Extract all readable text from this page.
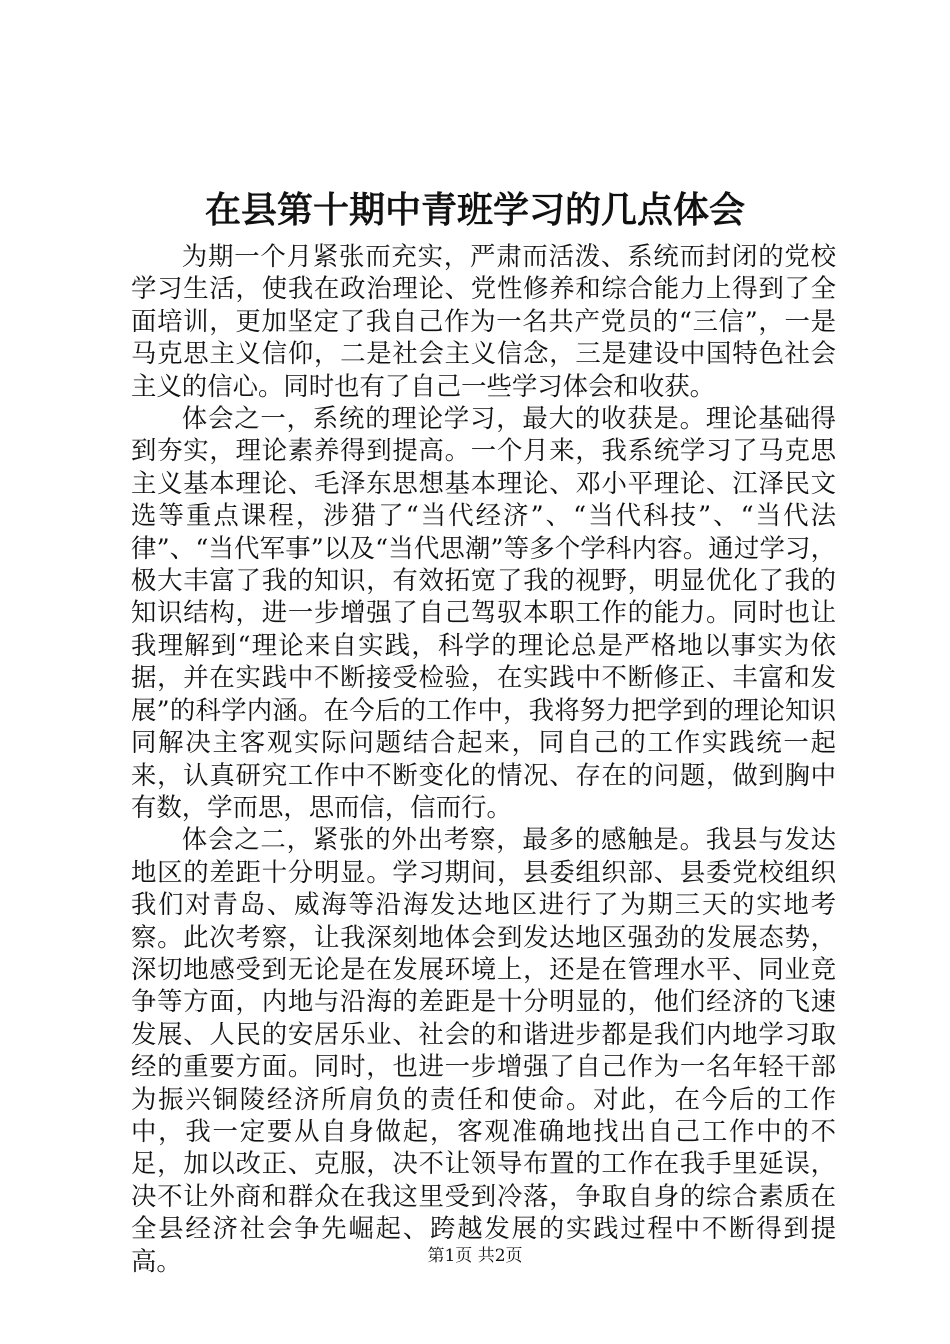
在县第十期中青班学习的几点体会

为期一个月紧张而充实，严肃而活泼、系统而封闭的党校学习生活，使我在政治理论、党性修养和综合能力上得到了全面培训，更加坚定了我自己作为一名共产党员的“三信”，一是马克思主义信仰，二是社会主义信念，三是建设中国特色社会主义的信心。同时也有了自己一些学习体会和收获。

体会之一，系统的理论学习，最大的收获是。理论基础得到夯实，理论素养得到提高。一个月来，我系统学习了马克思主义基本理论、毛泽东思想基本理论、邓小平理论、江泽民文选等重点课程，涉猎了“当代经济”、“当代科技”、“当代法律”、“当代军事”以及“当代思潮”等多个学科内容。通过学习，极大丰富了我的知识，有效拓宽了我的视野，明显优化了我的知识结构，进一步增强了自己驾驭本职工作的能力。同时也让我理解到“理论来自实践，科学的理论总是严格地以事实为依据，并在实践中不断接受检验，在实践中不断修正、丰富和发展”的科学内涵。在今后的工作中，我将努力把学到的理论知识同解决主客观实际问题结合起来，同自己的工作实践统一起来，认真研究工作中不断变化的情况、存在的问题，做到胸中有数，学而思，思而信，信而行。

体会之二，紧张的外出考察，最多的感触是。我县与发达地区的差距十分明显。学习期间，县委组织部、县委党校组织我们对青岛、威海等沿海发达地区进行了为期三天的实地考察。此次考察，让我深刻地体会到发达地区强劲的发展态势，深切地感受到无论是在发展环境上，还是在管理水平、同业竞争等方面，内地与沿海的差距是十分明显的，他们经济的飞速发展、人民的安居乐业、社会的和谐进步都是我们内地学习取经的重要方面。同时，也进一步增强了自己作为一名年轻干部为振兴铜陵经济所肩负的责任和使命。对此，在今后的工作中，我一定要从自身做起，客观准确地找出自己工作中的不足，加以改正、克服，决不让领导布置的工作在我手里延误，决不让外商和群众在我这里受到冷落，争取自身的综合素质在全县经济社会争先崛起、跨越发展的实践过程中不断得到提高。	第1页 共2页
